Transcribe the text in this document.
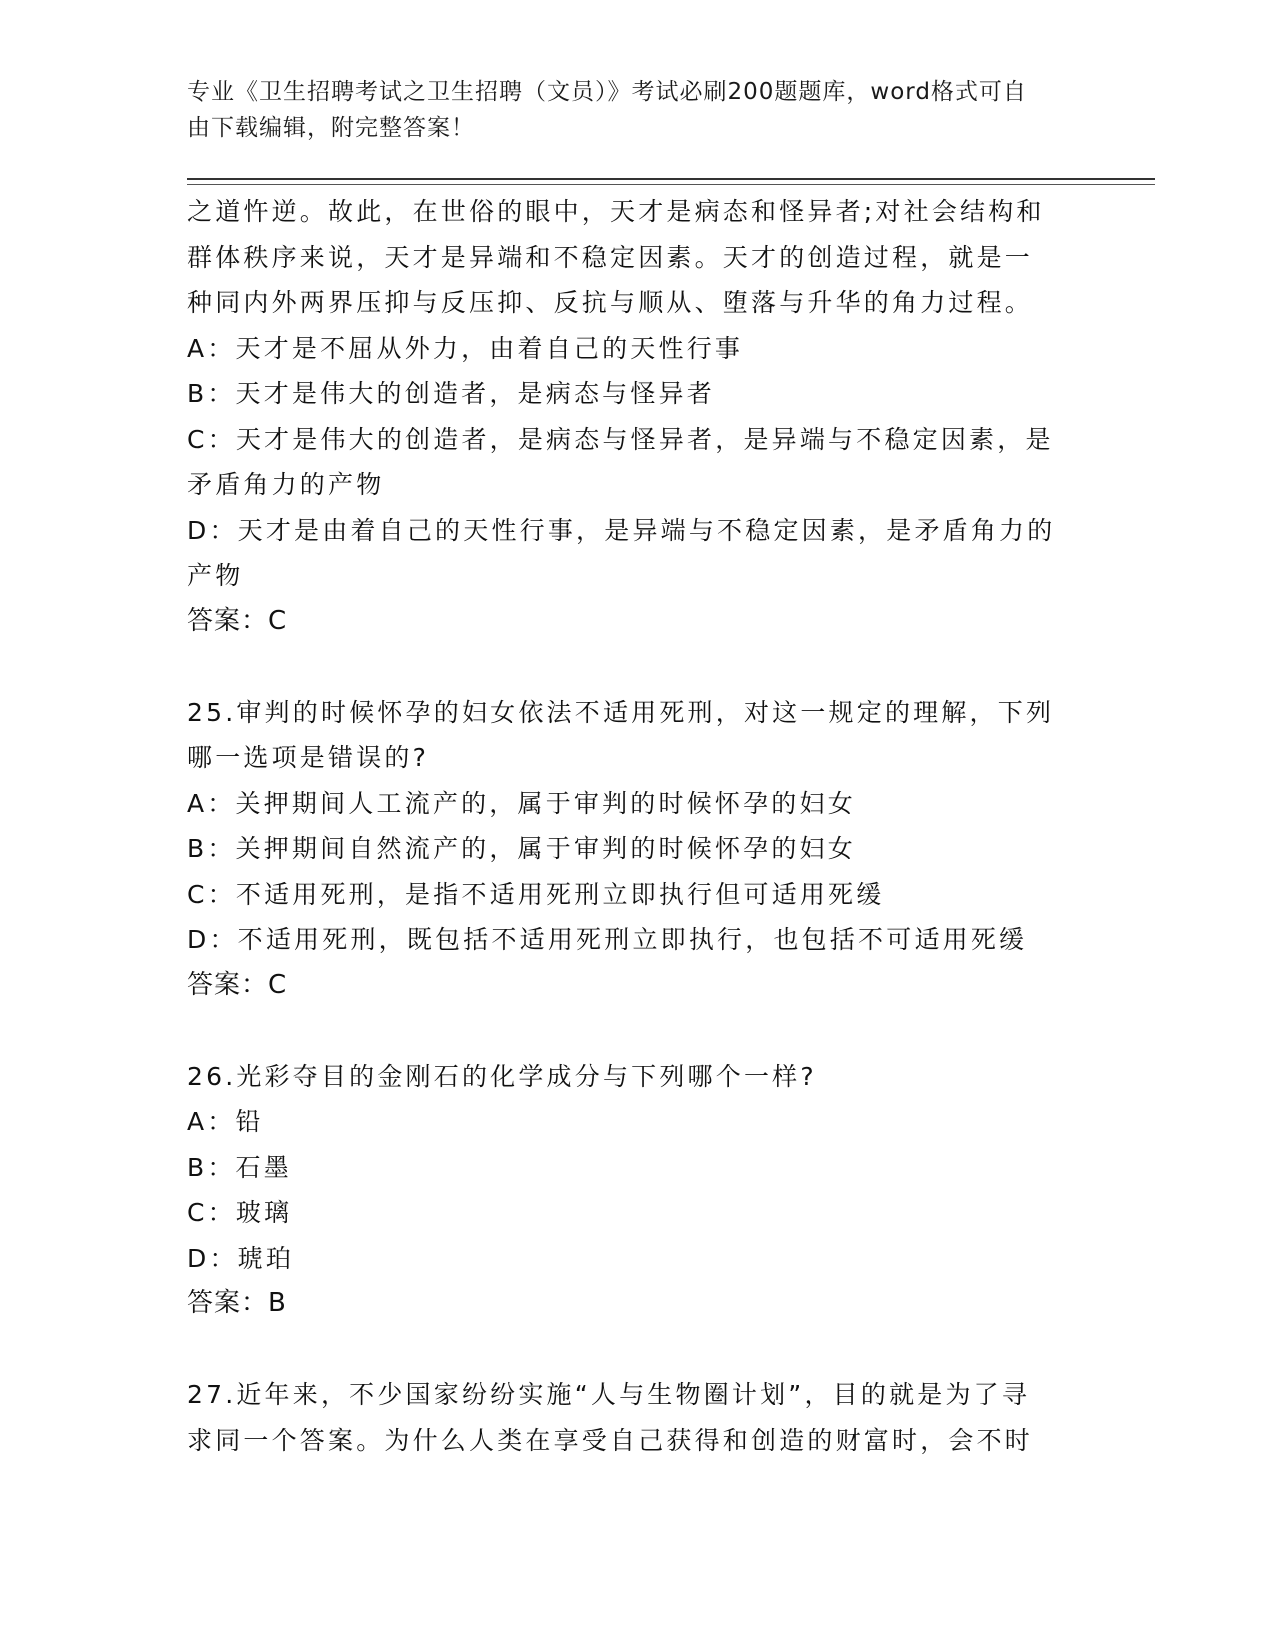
专业《卫生招聘考试之卫生招聘（文员）》考试必刷200题题库，word格式可自
由下载编辑，附完整答案！
之道忤逆。故此，在世俗的眼中，天才是病态和怪异者;对社会结构和
群体秩序来说，天才是异端和不稳定因素。天才的创造过程，就是一
种同内外两界压抑与反压抑、反抗与顺从、堕落与升华的角力过程。
A：天才是不屈从外力，由着自己的天性行事
B：天才是伟大的创造者，是病态与怪异者
C：天才是伟大的创造者，是病态与怪异者，是异端与不稳定因素，是
矛盾角力的产物
D：天才是由着自己的天性行事，是异端与不稳定因素，是矛盾角力的
产物
答案：C
25.审判的时候怀孕的妇女依法不适用死刑，对这一规定的理解，下列
哪一选项是错误的?
A：关押期间人工流产的，属于审判的时候怀孕的妇女
B：关押期间自然流产的，属于审判的时候怀孕的妇女
C：不适用死刑，是指不适用死刑立即执行但可适用死缓
D：不适用死刑，既包括不适用死刑立即执行，也包括不可适用死缓
答案：C
26.光彩夺目的金刚石的化学成分与下列哪个一样?
A：铅
B：石墨
C：玻璃
D：琥珀
答案：B
27.近年来，不少国家纷纷实施“人与生物圈计划”，目的就是为了寻
求同一个答案。为什么人类在享受自己获得和创造的财富时，会不时
